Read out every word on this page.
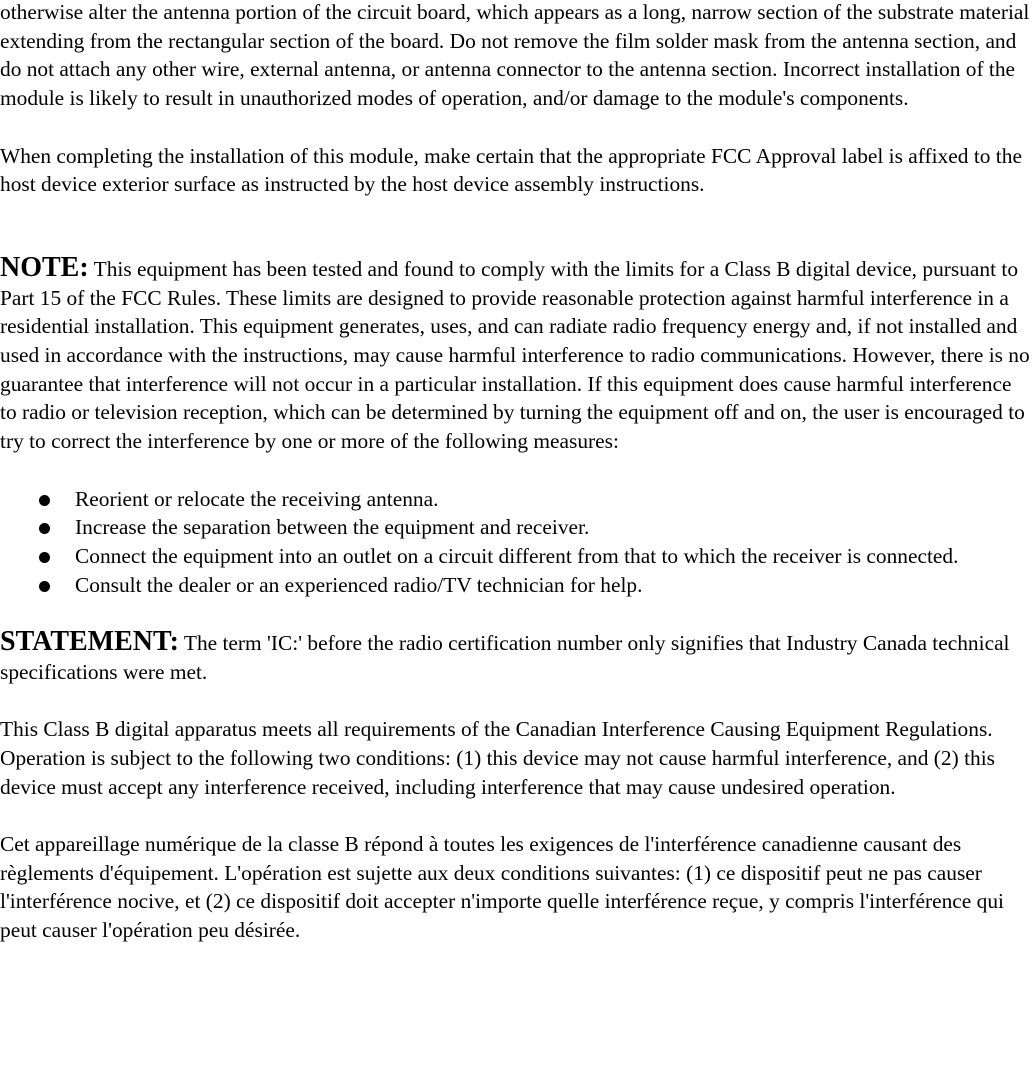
otherwise alter the antenna portion of the circuit board, which appears as a long, narrow section of the substrate material extending from the rectangular section of the board. Do not remove the film solder mask from the antenna section, and do not attach any other wire, external antenna, or antenna connector to the antenna section. Incorrect installation of the module is likely to result in unauthorized modes of operation, and/or damage to the module's components.

When completing the installation of this module, make certain that the appropriate FCC Approval label is affixed to the host device exterior surface as instructed by the host device assembly instructions.

NOTE: This equipment has been tested and found to comply with the limits for a Class B digital device, pursuant to Part 15 of the FCC Rules. These limits are designed to provide reasonable protection against harmful interference in a residential installation. This equipment generates, uses, and can radiate radio frequency energy and, if not installed and used in accordance with the instructions, may cause harmful interference to radio communications. However, there is no guarantee that interference will not occur in a particular installation. If this equipment does cause harmful interference to radio or television reception, which can be determined by turning the equipment off and on, the user is encouraged to try to correct the interference by one or more of the following measures:

Reorient or relocate the receiving antenna.
Increase the separation between the equipment and receiver.
Connect the equipment into an outlet on a circuit different from that to which the receiver is connected.
Consult the dealer or an experienced radio/TV technician for help.

STATEMENT: The term 'IC:' before the radio certification number only signifies that Industry Canada technical specifications were met.

This Class B digital apparatus meets all requirements of the Canadian Interference Causing Equipment Regulations. Operation is subject to the following two conditions: (1) this device may not cause harmful interference, and (2) this device must accept any interference received, including interference that may cause undesired operation.

Cet appareillage numérique de la classe B répond à toutes les exigences de l'interférence canadienne causant des règlements d'équipement. L'opération est sujette aux deux conditions suivantes: (1) ce dispositif peut ne pas causer l'interférence nocive, et (2) ce dispositif doit accepter n'importe quelle interférence reçue, y compris l'interférence qui peut causer l'opération peu désirée.
